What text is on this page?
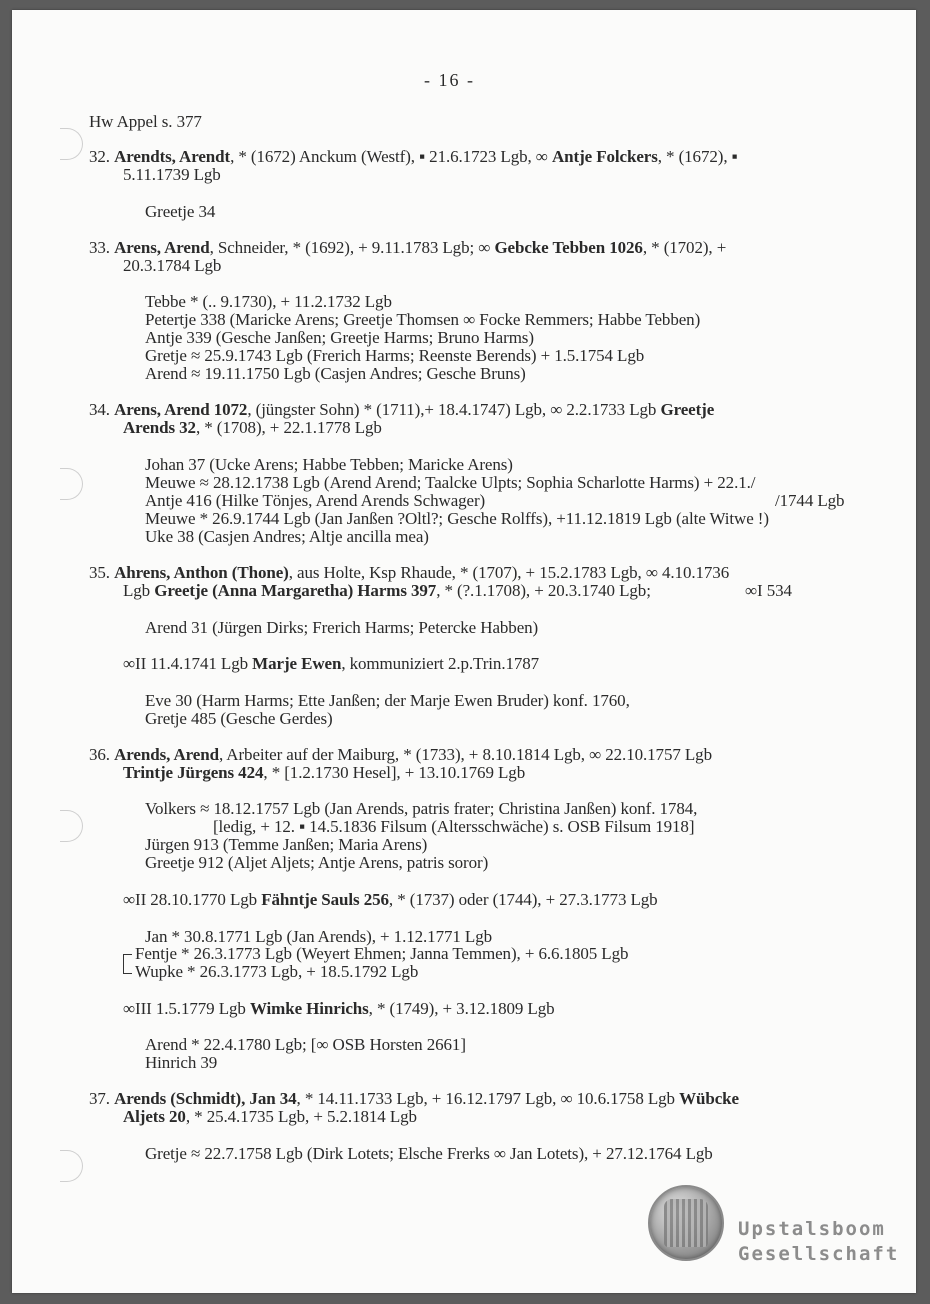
- 16 -
Hw Appel s. 377
32. Arendts, Arendt, * (1672) Anckum (Westf), ▪ 21.6.1723 Lgb, ∞ Antje Folckers, * (1672), ▪
5.11.1739 Lgb
Greetje 34
33. Arens, Arend, Schneider, * (1692), + 9.11.1783 Lgb; ∞ Gebcke Tebben 1026, * (1702), +
20.3.1784 Lgb
Tebbe * (.. 9.1730), + 11.2.1732 Lgb
Petertje 338 (Maricke Arens; Greetje Thomsen ∞ Focke Remmers; Habbe Tebben)
Antje 339 (Gesche Janßen; Greetje Harms; Bruno Harms)
Gretje ≈ 25.9.1743 Lgb (Frerich Harms; Reenste Berends) + 1.5.1754 Lgb
Arend ≈ 19.11.1750 Lgb (Casjen Andres; Gesche Bruns)
34. Arens, Arend 1072, (jüngster Sohn) * (1711),+ 18.4.1747) Lgb, ∞ 2.2.1733 Lgb Greetje
Arends 32, * (1708), + 22.1.1778 Lgb
Johan 37 (Ucke Arens; Habbe Tebben; Maricke Arens)
Meuwe ≈ 28.12.1738 Lgb (Arend Arend; Taalcke Ulpts; Sophia Scharlotte Harms) + 22.1./
Antje 416 (Hilke Tönjes, Arend Arends Schwager)	/1744 Lgb
Meuwe * 26.9.1744 Lgb (Jan Janßen ?Oltl?; Gesche Rolffs), +11.12.1819 Lgb (alte Witwe !)
Uke 38 (Casjen Andres; Altje ancilla mea)
35. Ahrens, Anthon (Thone), aus Holte, Ksp Rhaude, * (1707), + 15.2.1783 Lgb, ∞ 4.10.1736
Lgb Greetje (Anna Margaretha) Harms 397, * (?.1.1708), + 20.3.1740 Lgb;	∞I 534
Arend 31 (Jürgen Dirks; Frerich Harms; Petercke Habben)
∞II 11.4.1741 Lgb Marje Ewen, kommuniziert 2.p.Trin.1787
Eve 30 (Harm Harms; Ette Janßen; der Marje Ewen Bruder) konf. 1760,
Gretje 485 (Gesche Gerdes)
36. Arends, Arend, Arbeiter auf der Maiburg, * (1733), + 8.10.1814 Lgb, ∞ 22.10.1757 Lgb
Trintje Jürgens 424, * [1.2.1730 Hesel], + 13.10.1769 Lgb
Volkers ≈ 18.12.1757 Lgb (Jan Arends, patris frater; Christina Janßen) konf. 1784,
[ledig, + 12. ▪ 14.5.1836 Filsum (Altersschwäche) s. OSB Filsum 1918]
Jürgen 913 (Temme Janßen; Maria Arens)
Greetje 912 (Aljet Aljets; Antje Arens, patris soror)
∞II 28.10.1770 Lgb Fähntje Sauls 256, * (1737) oder (1744), + 27.3.1773 Lgb
Jan * 30.8.1771 Lgb (Jan Arends), + 1.12.1771 Lgb
Fentje * 26.3.1773 Lgb (Weyert Ehmen; Janna Temmen), + 6.6.1805 Lgb
Wupke * 26.3.1773 Lgb, + 18.5.1792 Lgb
∞III 1.5.1779 Lgb Wimke Hinrichs, * (1749), + 3.12.1809 Lgb
Arend * 22.4.1780 Lgb; [∞ OSB Horsten 2661]
Hinrich 39
37. Arends (Schmidt), Jan 34, * 14.11.1733 Lgb, + 16.12.1797 Lgb, ∞ 10.6.1758 Lgb Wübcke
Aljets 20, * 25.4.1735 Lgb, + 5.2.1814 Lgb
Gretje ≈ 22.7.1758 Lgb (Dirk Lotets; Elsche Frerks ∞ Jan Lotets), + 27.12.1764 Lgb
Upstalsboom
Gesellschaft
